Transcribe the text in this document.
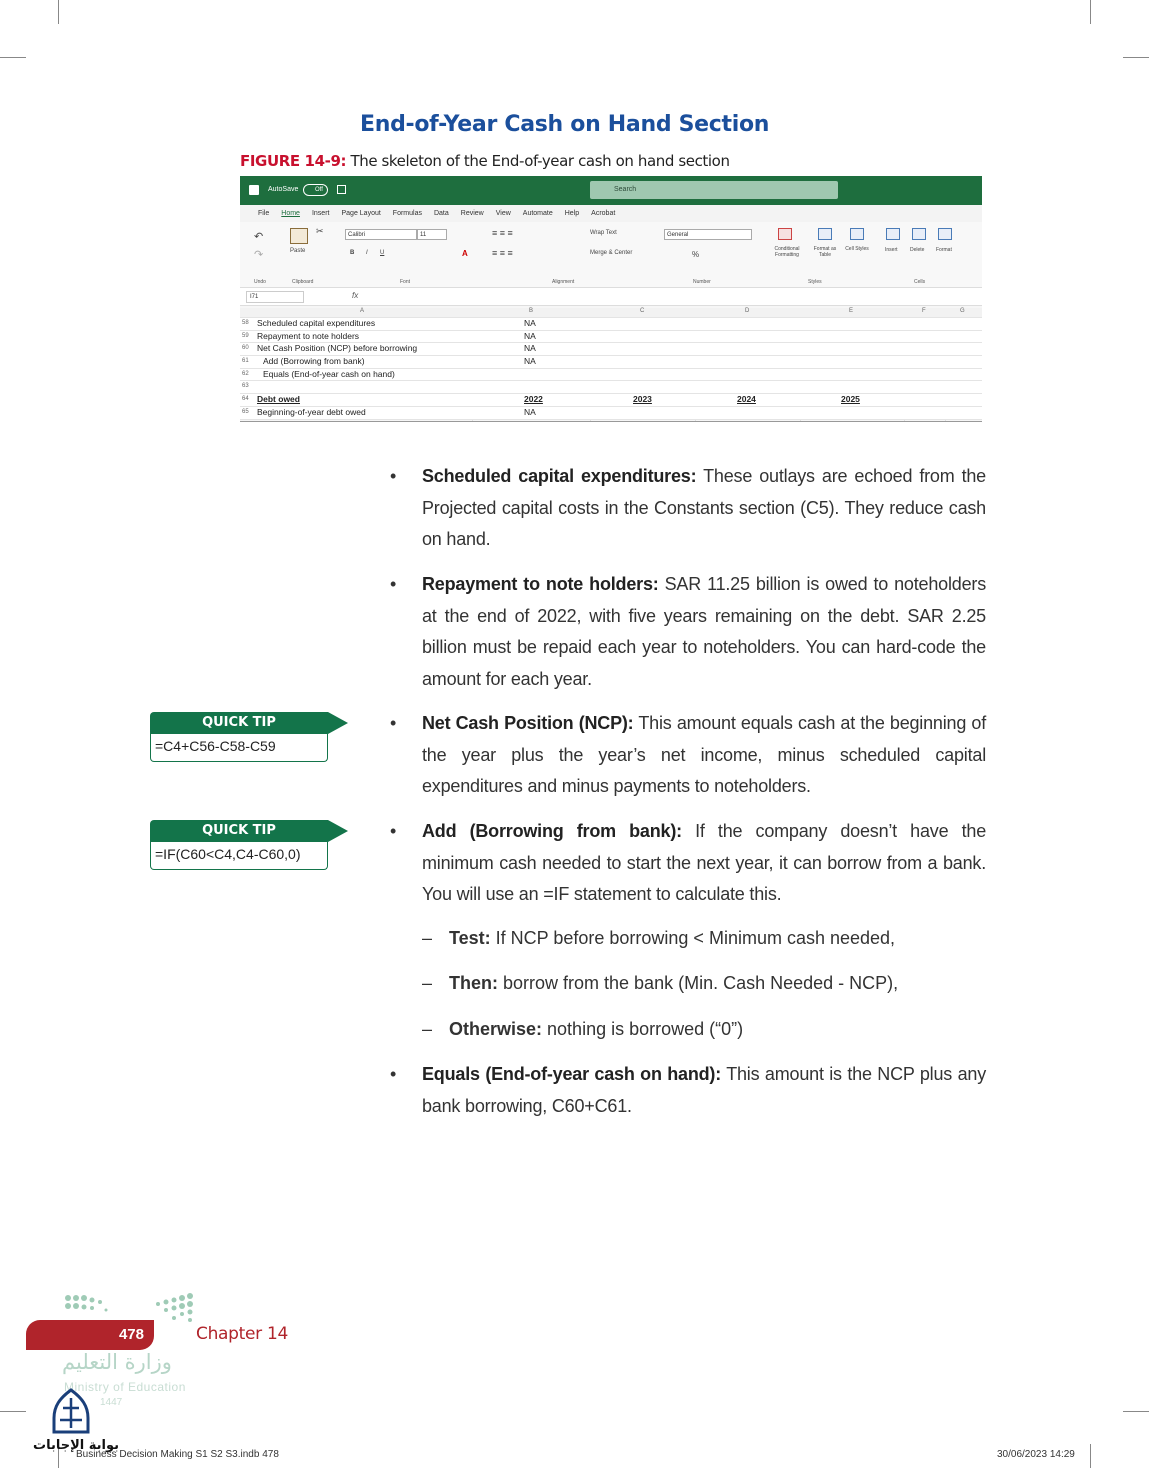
End-of-Year Cash on Hand Section
FIGURE 14-9: The skeleton of the End-of-year cash on hand section
AutoSave	Off	Search
File	Home	Insert	Page Layout	Formulas	Data	Review	View	Automate	Help	Acrobat
↶
↷	Paste
✂	Calibri	11
B I U	A
≡ ≡ ≡
≡ ≡ ≡
Wrap Text
Merge & Center
General
%
Conditional Formatting
Format as Table
Cell Styles	Insert Delete Format
Undo	Clipboard	Font	Alignment	Number	Styles	Cells
I71	fx
A	B	C	D	E	F	G
58 Scheduled capital expenditures	NA
59 Repayment to note holders	NA
60 Net Cash Position (NCP) before borrowing	NA
61 Add (Borrowing from bank)	NA
62 Equals (End-of-year cash on hand)
63
64 Debt owed	2022	2023	2024	2025
65 Beginning-of-year debt owed	NA
• Scheduled capital expenditures: These outlays are echoed from the Projected capital costs in the Constants section (C5). They reduce cash on hand.
• Repayment to note holders: SAR 11.25 billion is owed to noteholders at the end of 2022, with five years remaining on the debt. SAR 2.25 billion must be repaid each year to noteholders. You can hard-code the amount for each year.
• Net Cash Position (NCP): This amount equals cash at the beginning of the year plus the year’s net income, minus scheduled capital expenditures and minus payments to noteholders.
• Add (Borrowing from bank): If the company doesn’t have the minimum cash needed to start the next year, it can borrow from a bank. You will use an =IF statement to calculate this.
– Test: If NCP before borrowing < Minimum cash needed,
– Then: borrow from the bank (Min. Cash Needed - NCP),
– Otherwise: nothing is borrowed (“0”)
• Equals (End-of-year cash on hand): This amount is the NCP plus any bank borrowing, C60+C61.
QUICK TIP
=C4+C56-C58-C59
QUICK TIP
=IF(C60<C4,C4-C60,0)
478	Chapter 14
وزارة التعليم
Ministry of Education
1447
بوابة الإجابات
Business Decision Making S1 S2 S3.indb 478	30/06/2023 14:29
